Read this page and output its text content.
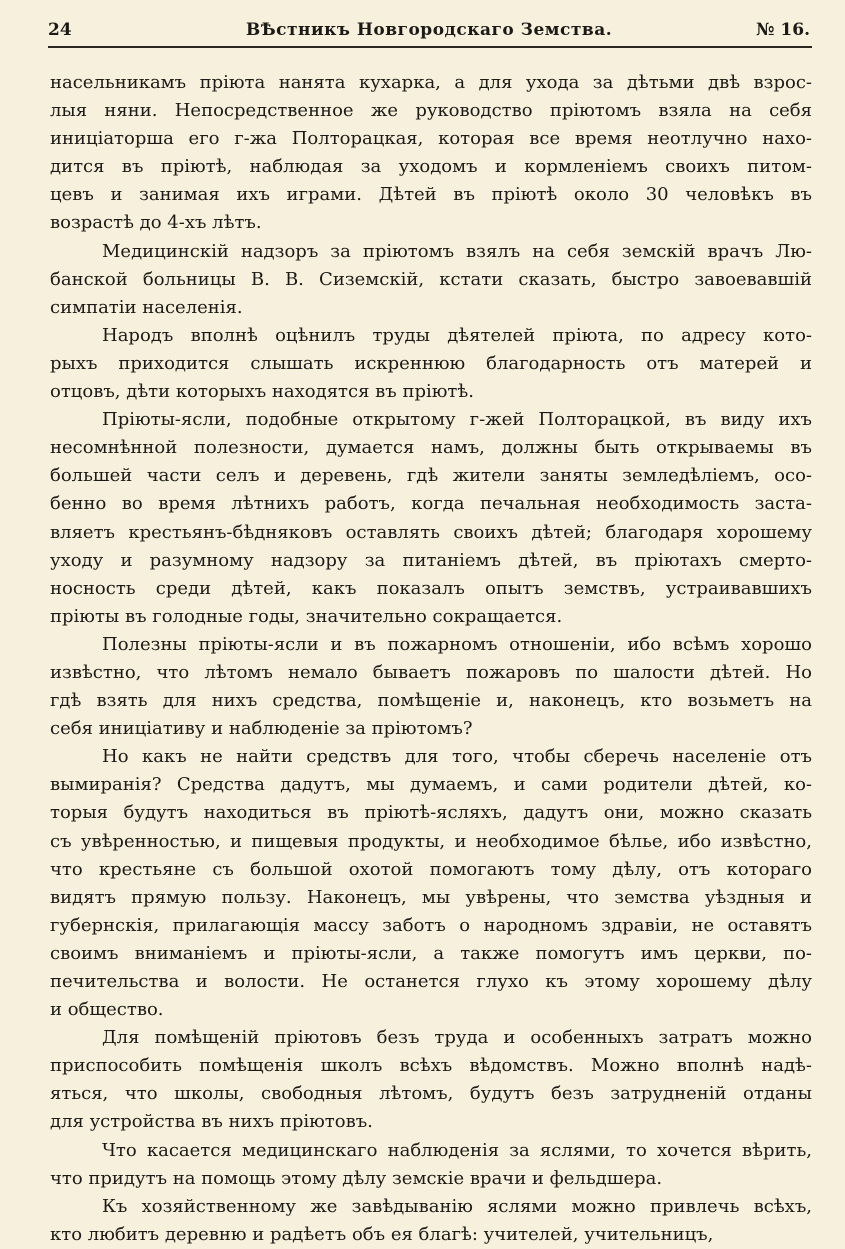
24	ВѢстникъ Новгородскаго Земства.	№ 16.
насельникамъ пріюта нанята кухарка, а для ухода за дѣтьми двѣ взрос-
лыя няни. Непосредственное же руководство пріютомъ взяла на себя
иниціаторша его г-жа Полторацкая, которая все время неотлучно нахо-
дится въ пріютѣ, наблюдая за уходомъ и кормленіемъ своихъ питом-
цевъ и занимая ихъ играми. Дѣтей въ пріютѣ около 30 человѣкъ въ
возрастѣ до 4-хъ лѣтъ.
Медицинскій надзоръ за пріютомъ взялъ на себя земскій врачъ Лю-
банской больницы В. В. Сиземскій, кстати сказать, быстро завоевавшій
симпатіи населенія.
Народъ вполнѣ оцѣнилъ труды дѣятелей пріюта, по адресу кото-
рыхъ приходится слышать искреннюю благодарность отъ матерей и
отцовъ, дѣти которыхъ находятся въ пріютѣ.
Пріюты-ясли, подобные открытому г-жей Полторацкой, въ виду ихъ
несомнѣнной полезности, думается намъ, должны быть открываемы въ
большей части селъ и деревень, гдѣ жители заняты земледѣліемъ, осо-
бенно во время лѣтнихъ работъ, когда печальная необходимость заста-
вляетъ крестьянъ-бѣдняковъ оставлять своихъ дѣтей; благодаря хорошему
уходу и разумному надзору за питаніемъ дѣтей, въ пріютахъ смерто-
носность среди дѣтей, какъ показалъ опытъ земствъ, устраивавшихъ
пріюты въ голодные годы, значительно сокращается.
Полезны пріюты-ясли и въ пожарномъ отношеніи, ибо всѣмъ хорошо
извѣстно, что лѣтомъ немало бываетъ пожаровъ по шалости дѣтей. Но
гдѣ взять для нихъ средства, помѣщеніе и, наконецъ, кто возьметъ на
себя иниціативу и наблюденіе за пріютомъ?
Но какъ не найти средствъ для того, чтобы сберечь населеніе отъ
вымиранія? Средства дадутъ, мы думаемъ, и сами родители дѣтей, ко-
торыя будутъ находиться въ пріютѣ-ясляхъ, дадутъ они, можно сказать
съ увѣренностью, и пищевыя продукты, и необходимое бѣлье, ибо извѣстно,
что крестьяне съ большой охотой помогаютъ тому дѣлу, отъ котораго
видятъ прямую пользу. Наконецъ, мы увѣрены, что земства уѣздныя и
губернскія, прилагающія массу заботъ о народномъ здравіи, не оставятъ
своимъ вниманіемъ и пріюты-ясли, а также помогутъ имъ церкви, по-
печительства и волости. Не останется глухо къ этому хорошему дѣлу
и общество.
Для помѣщеній пріютовъ безъ труда и особенныхъ затратъ можно
приспособить помѣщенія школъ всѣхъ вѣдомствъ. Можно вполнѣ надѣ-
яться, что школы, свободныя лѣтомъ, будутъ безъ затрудненій отданы
для устройства въ нихъ пріютовъ.
Что касается медицинскаго наблюденія за яслями, то хочется вѣрить,
что придутъ на помощь этому дѣлу земскіе врачи и фельдшера.
Къ хозяйственному же завѣдыванію яслями можно привлечь всѣхъ,
кто любитъ деревню и радѣетъ объ ея благѣ: учителей, учительницъ,
